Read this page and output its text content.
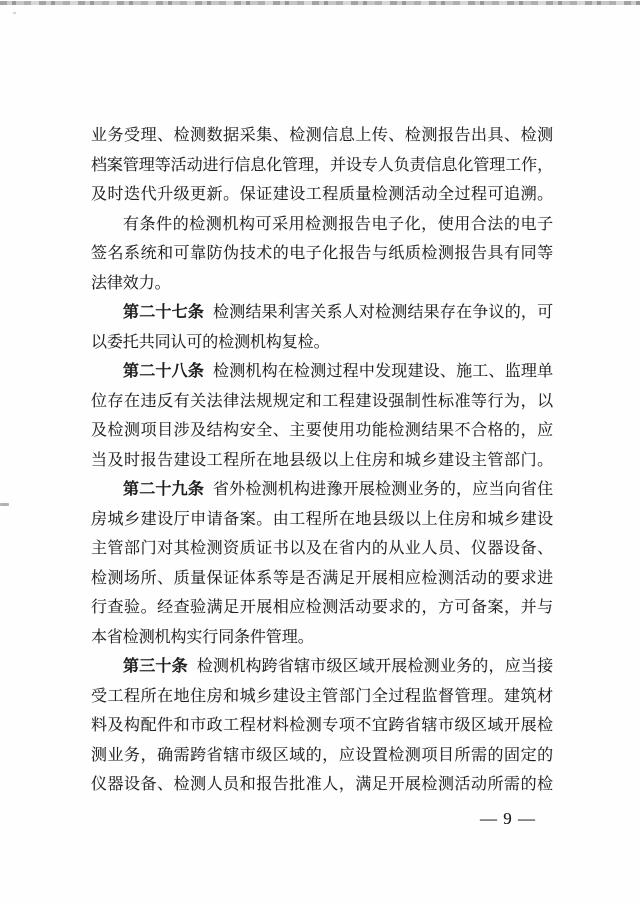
业务受理、检测数据采集、检测信息上传、检测报告出具、检测
档案管理等活动进行信息化管理，并设专人负责信息化管理工作，
及时迭代升级更新。保证建设工程质量检测活动全过程可追溯。
有条件的检测机构可采用检测报告电子化，使用合法的电子
签名系统和可靠防伪技术的电子化报告与纸质检测报告具有同等
法律效力。
第二十七条 检测结果利害关系人对检测结果存在争议的，可
以委托共同认可的检测机构复检。
第二十八条 检测机构在检测过程中发现建设、施工、监理单
位存在违反有关法律法规规定和工程建设强制性标准等行为，以
及检测项目涉及结构安全、主要使用功能检测结果不合格的，应
当及时报告建设工程所在地县级以上住房和城乡建设主管部门。
第二十九条 省外检测机构进豫开展检测业务的，应当向省住
房城乡建设厅申请备案。由工程所在地县级以上住房和城乡建设
主管部门对其检测资质证书以及在省内的从业人员、仪器设备、
检测场所、质量保证体系等是否满足开展相应检测活动的要求进
行查验。经查验满足开展相应检测活动要求的，方可备案，并与
本省检测机构实行同条件管理。
第三十条 检测机构跨省辖市级区域开展检测业务的，应当接
受工程所在地住房和城乡建设主管部门全过程监督管理。建筑材
料及构配件和市政工程材料检测专项不宜跨省辖市级区域开展检
测业务，确需跨省辖市级区域的，应设置检测项目所需的固定的
仪器设备、检测人员和报告批准人，满足开展检测活动所需的检
— 9 —
